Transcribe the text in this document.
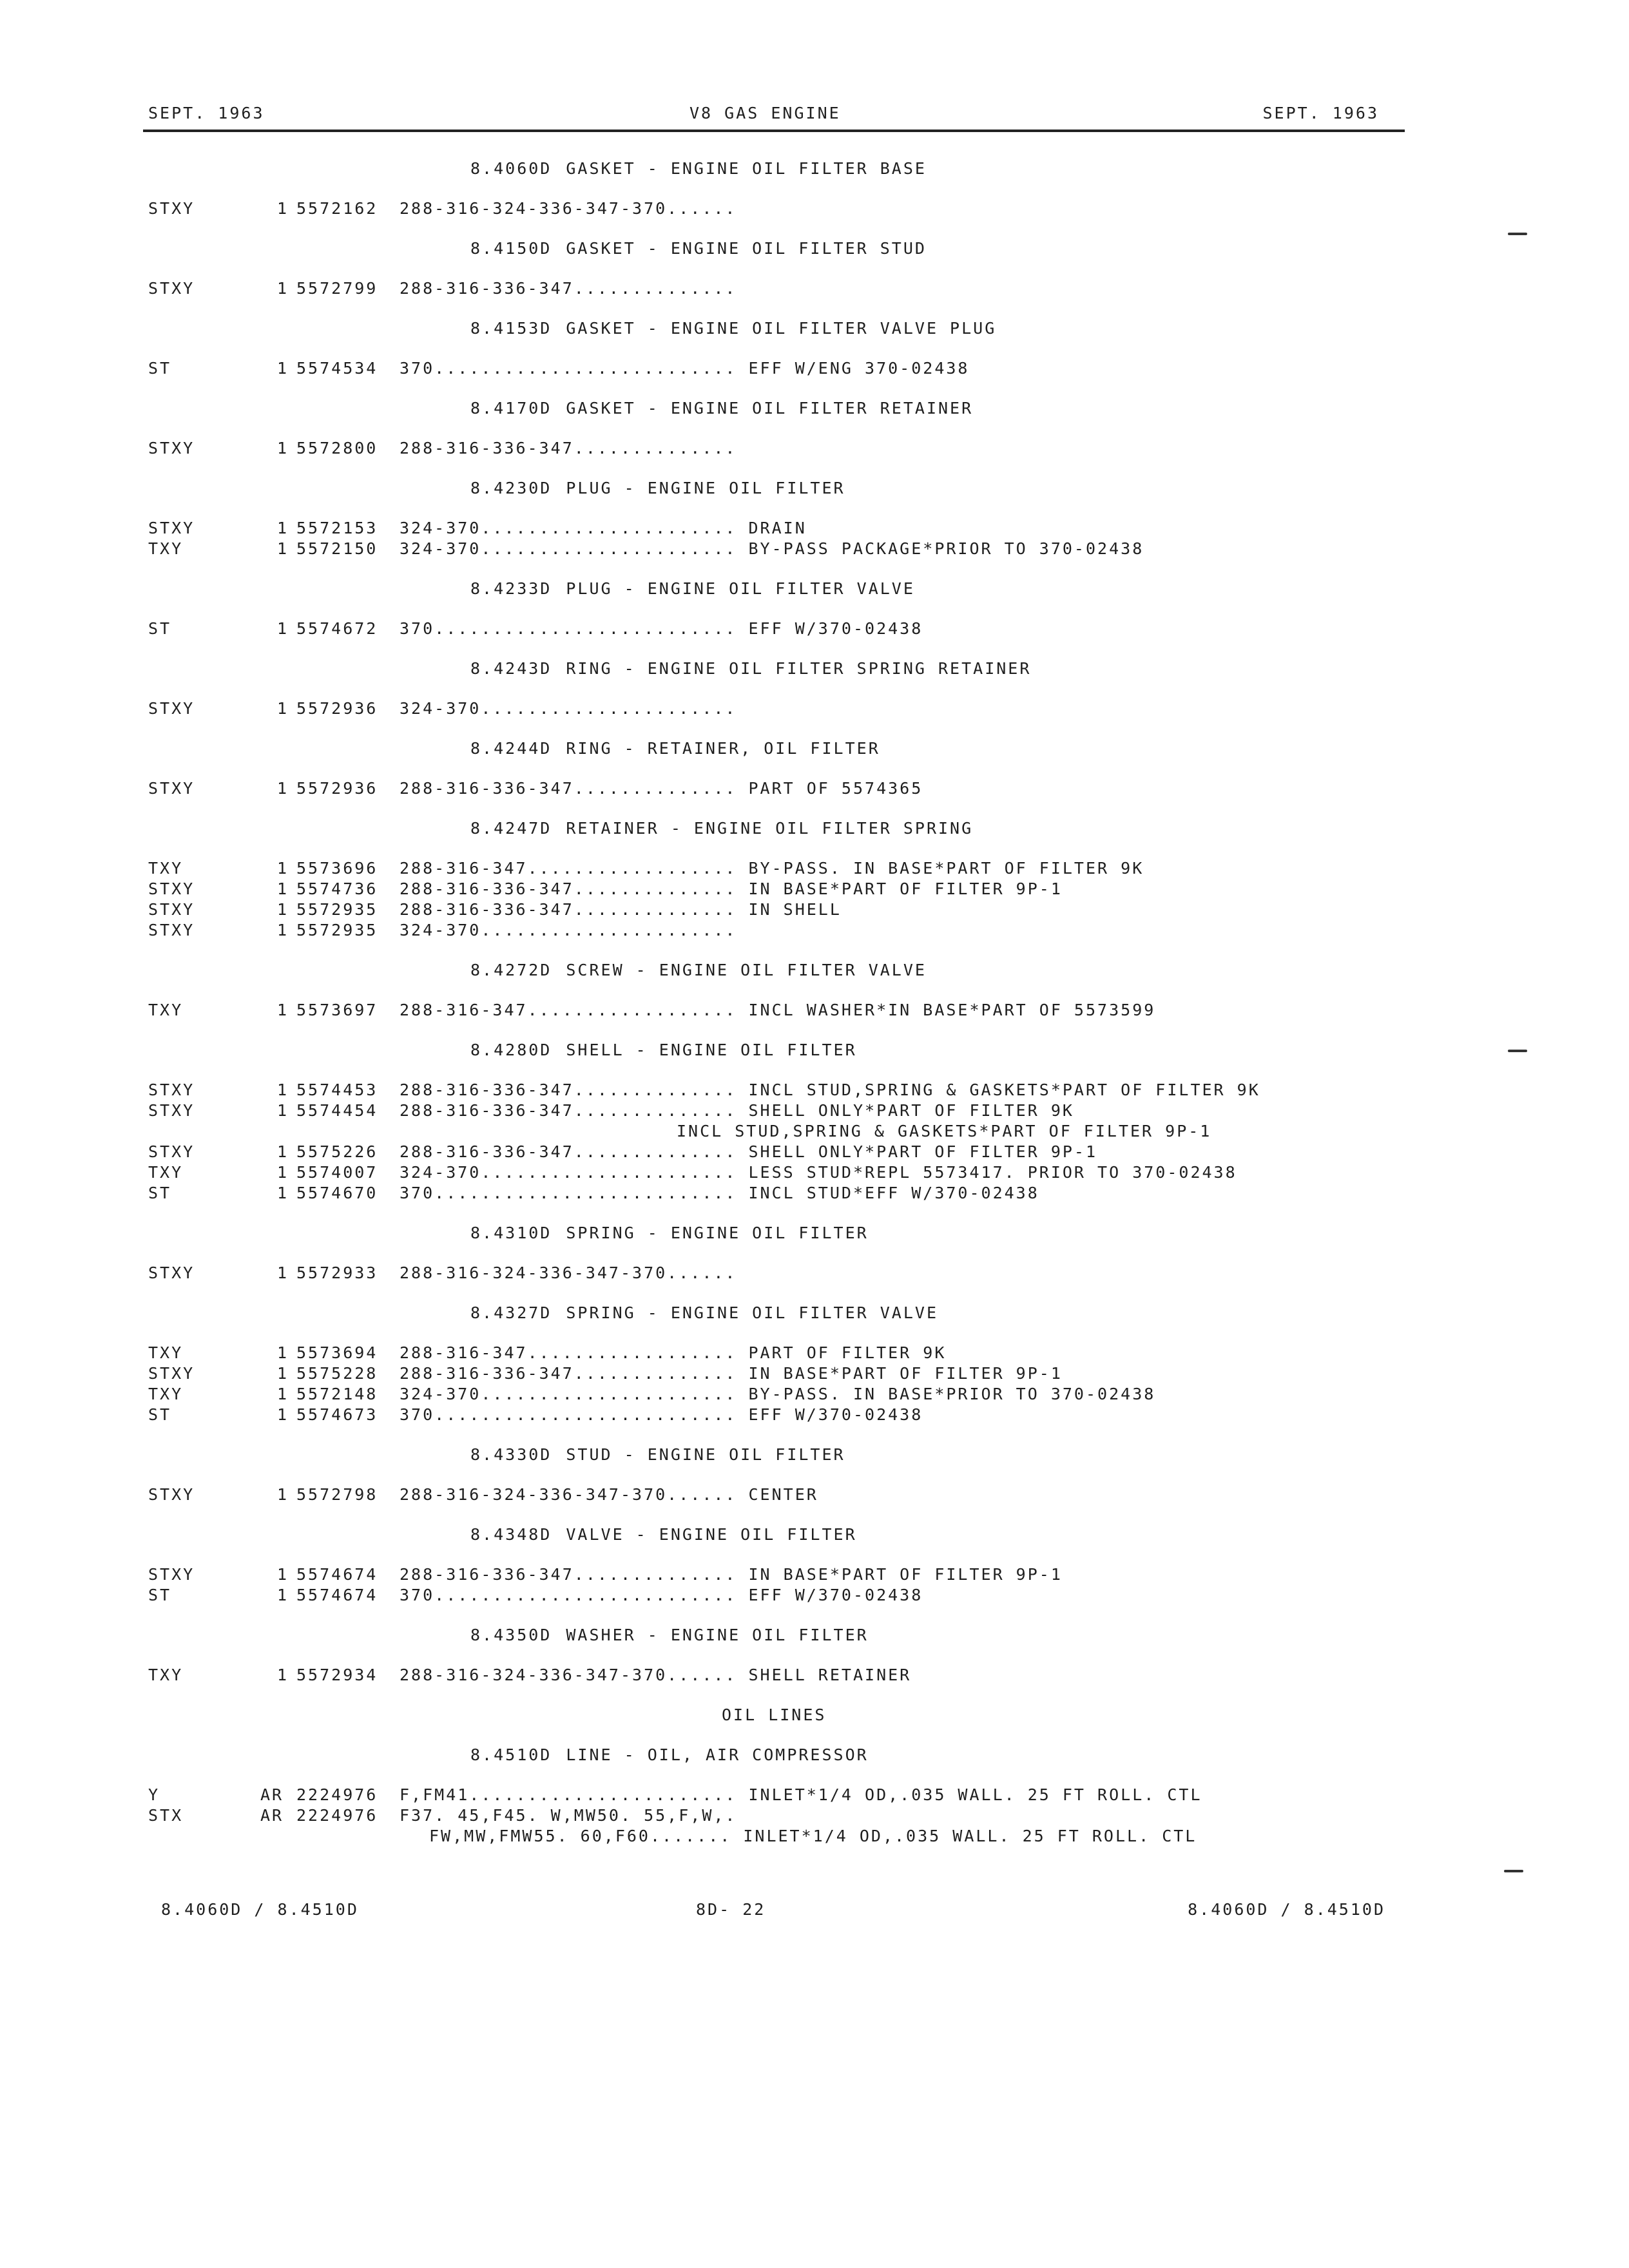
SEPT. 1963

	V8 GAS ENGINE

	SEPT. 1963

8.4060D GASKET - ENGINE OIL FILTER BASE
STXY	1 5572162	288-316-324-336-347-370......
8.4150D GASKET - ENGINE OIL FILTER STUD
STXY	1 5572799	288-316-336-347..............
8.4153D GASKET - ENGINE OIL FILTER VALVE PLUG
ST	1 5574534	370.......................... EFF W/ENG 370-02438
8.4170D GASKET - ENGINE OIL FILTER RETAINER
STXY	1 5572800	288-316-336-347..............
8.4230D PLUG - ENGINE OIL FILTER
STXY	1 5572153	324-370...................... DRAIN
TXY	1 5572150	324-370...................... BY-PASS PACKAGE*PRIOR TO 370-02438
8.4233D PLUG - ENGINE OIL FILTER VALVE
ST	1 5574672	370.......................... EFF W/370-02438
8.4243D RING - ENGINE OIL FILTER SPRING RETAINER
STXY	1 5572936	324-370......................
8.4244D RING - RETAINER, OIL FILTER
STXY	1 5572936	288-316-336-347.............. PART OF 5574365
8.4247D RETAINER - ENGINE OIL FILTER SPRING
TXY	1 5573696	288-316-347.................. BY-PASS. IN BASE*PART OF FILTER 9K
STXY	1 5574736	288-316-336-347.............. IN BASE*PART OF FILTER 9P-1
STXY	1 5572935	288-316-336-347.............. IN SHELL
STXY	1 5572935	324-370......................
8.4272D SCREW - ENGINE OIL FILTER VALVE
TXY	1 5573697	288-316-347.................. INCL WASHER*IN BASE*PART OF 5573599
8.4280D SHELL - ENGINE OIL FILTER
STXY	1 5574453	288-316-336-347.............. INCL STUD,SPRING & GASKETS*PART OF FILTER 9K
STXY	1 5574454	288-316-336-347.............. SHELL ONLY*PART OF FILTER 9K
INCL STUD,SPRING & GASKETS*PART OF FILTER 9P-1
STXY	1 5575226	288-316-336-347.............. SHELL ONLY*PART OF FILTER 9P-1
TXY	1 5574007	324-370...................... LESS STUD*REPL 5573417. PRIOR TO 370-02438
ST	1 5574670	370.......................... INCL STUD*EFF W/370-02438
8.4310D SPRING - ENGINE OIL FILTER
STXY	1 5572933	288-316-324-336-347-370......
8.4327D SPRING - ENGINE OIL FILTER VALVE
TXY	1 5573694	288-316-347.................. PART OF FILTER 9K
STXY	1 5575228	288-316-336-347.............. IN BASE*PART OF FILTER 9P-1
TXY	1 5572148	324-370...................... BY-PASS. IN BASE*PRIOR TO 370-02438
ST	1 5574673	370.......................... EFF W/370-02438
8.4330D STUD - ENGINE OIL FILTER
STXY	1 5572798	288-316-324-336-347-370...... CENTER
8.4348D VALVE - ENGINE OIL FILTER
STXY	1 5574674	288-316-336-347.............. IN BASE*PART OF FILTER 9P-1
ST	1 5574674	370.......................... EFF W/370-02438
8.4350D WASHER - ENGINE OIL FILTER
TXY	1 5572934	288-316-324-336-347-370...... SHELL RETAINER
OIL LINES
8.4510D LINE - OIL, AIR COMPRESSOR
Y	AR 2224976	F,FM41....................... INLET*1/4 OD,.035 WALL. 25 FT ROLL. CTL
STX	AR 2224976	F37. 45,F45. W,MW50. 55,F,W,.
FW,MW,FMW55. 60,F60....... INLET*1/4 OD,.035 WALL. 25 FT ROLL. CTL

8.4060D / 8.4510D

	8D- 22

	8.4060D / 8.4510D
